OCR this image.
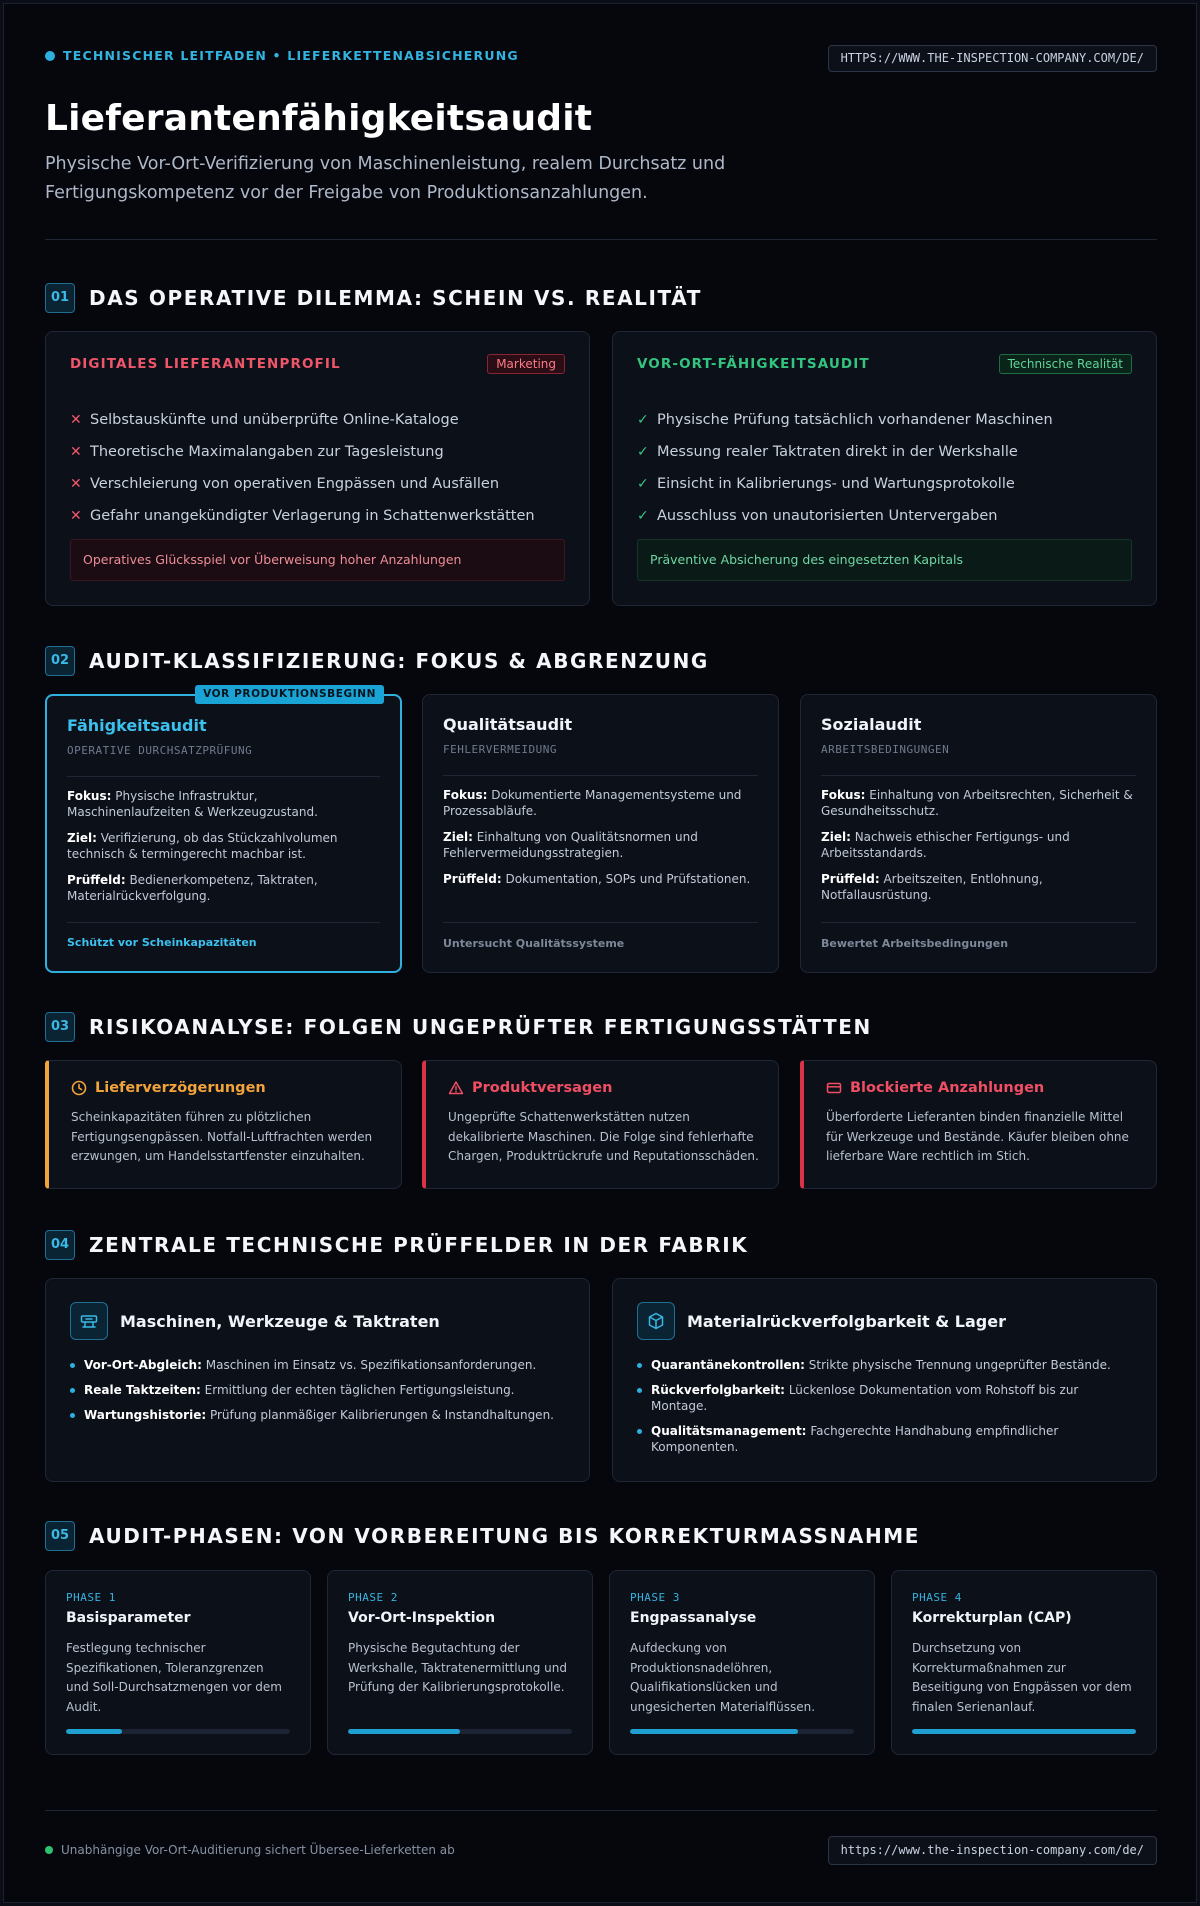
TECHNISCHER LEITFADEN • LIEFERKETTENABSICHERUNG	HTTPS://WWW.THE-INSPECTION-COMPANY.COM/DE/
Lieferantenfähigkeitsaudit

Physische Vor-Ort-Verifizierung von Maschinenleistung, realem Durchsatz und Fertigungskompetenz vor der Freigabe von Produktionsanzahlungen.

01 DAS OPERATIVE DILEMMA: SCHEIN VS. REALITÄT
DIGITALES LIEFERANTENPROFIL	Marketing
✕ Selbstauskünfte und unüberprüfte Online-Kataloge
✕ Theoretische Maximalangaben zur Tagesleistung
✕ Verschleierung von operativen Engpässen und Ausfällen
✕ Gefahr unangekündigter Verlagerung in Schattenwerkstätten
Operatives Glücksspiel vor Überweisung hoher Anzahlungen
VOR-ORT-FÄHIGKEITSAUDIT	Technische Realität
✓ Physische Prüfung tatsächlich vorhandener Maschinen
✓ Messung realer Taktraten direkt in der Werkshalle
✓ Einsicht in Kalibrierungs- und Wartungsprotokolle
✓ Ausschluss von unautorisierten Untervergaben
Präventive Absicherung des eingesetzten Kapitals
02 AUDIT-KLASSIFIZIERUNG: FOKUS & ABGRENZUNG
VOR PRODUKTIONSBEGINN
Fähigkeitsaudit
OPERATIVE DURCHSATZPRÜFUNG

Fokus: Physische Infrastruktur, Maschinenlaufzeiten & Werkzeugzustand.

Ziel: Verifizierung, ob das Stückzahlvolumen technisch & termingerecht machbar ist.

Prüffeld: Bedienerkompetenz, Taktraten, Materialrückverfolgung.

Schützt vor Scheinkapazitäten
Qualitätsaudit
FEHLERVERMEIDUNG

Fokus: Dokumentierte Managementsysteme und Prozessabläufe.

Ziel: Einhaltung von Qualitätsnormen und Fehlervermeidungsstrategien.

Prüffeld: Dokumentation, SOPs und Prüfstationen.

Untersucht Qualitätssysteme
Sozialaudit
ARBEITSBEDINGUNGEN

Fokus: Einhaltung von Arbeitsrechten, Sicherheit & Gesundheitsschutz.

Ziel: Nachweis ethischer Fertigungs- und Arbeitsstandards.

Prüffeld: Arbeitszeiten, Entlohnung, Notfallausrüstung.

Bewertet Arbeitsbedingungen
03 RISIKOANALYSE: FOLGEN UNGEPRÜFTER FERTIGUNGSSTÄTTEN
Lieferverzögerungen
Scheinkapazitäten führen zu plötzlichen Fertigungsengpässen. Notfall-Luftfrachten werden erzwungen, um Handelsstartfenster einzuhalten.
Produktversagen
Ungeprüfte Schattenwerkstätten nutzen dekalibrierte Maschinen. Die Folge sind fehlerhafte Chargen, Produktrückrufe und Reputationsschäden.
Blockierte Anzahlungen
Überforderte Lieferanten binden finanzielle Mittel für Werkzeuge und Bestände. Käufer bleiben ohne lieferbare Ware rechtlich im Stich.
04 ZENTRALE TECHNISCHE PRÜFFELDER IN DER FABRIK
Maschinen, Werkzeuge & Taktraten
Vor-Ort-Abgleich: Maschinen im Einsatz vs. Spezifikationsanforderungen.
Reale Taktzeiten: Ermittlung der echten täglichen Fertigungsleistung.
Wartungshistorie: Prüfung planmäßiger Kalibrierungen & Instandhaltungen.
Materialrückverfolgbarkeit & Lager
Quarantänekontrollen: Strikte physische Trennung ungeprüfter Bestände.
Rückverfolgbarkeit: Lückenlose Dokumentation vom Rohstoff bis zur Montage.
Qualitätsmanagement: Fachgerechte Handhabung empfindlicher Komponenten.
05 AUDIT-PHASEN: VON VORBEREITUNG BIS KORREKTURMASSNAHME
PHASE 1
Basisparameter
Festlegung technischer Spezifikationen, Toleranzgrenzen und Soll-Durchsatzmengen vor dem Audit.
PHASE 2
Vor-Ort-Inspektion
Physische Begutachtung der Werkshalle, Taktratenermittlung und Prüfung der Kalibrierungsprotokolle.
PHASE 3
Engpassanalyse
Aufdeckung von Produktionsnadelöhren, Qualifikationslücken und ungesicherten Materialflüssen.
PHASE 4
Korrekturplan (CAP)
Durchsetzung von Korrekturmaßnahmen zur Beseitigung von Engpässen vor dem finalen Serienanlauf.
Unabhängige Vor-Ort-Auditierung sichert Übersee-Lieferketten ab	https://www.the-inspection-company.com/de/
